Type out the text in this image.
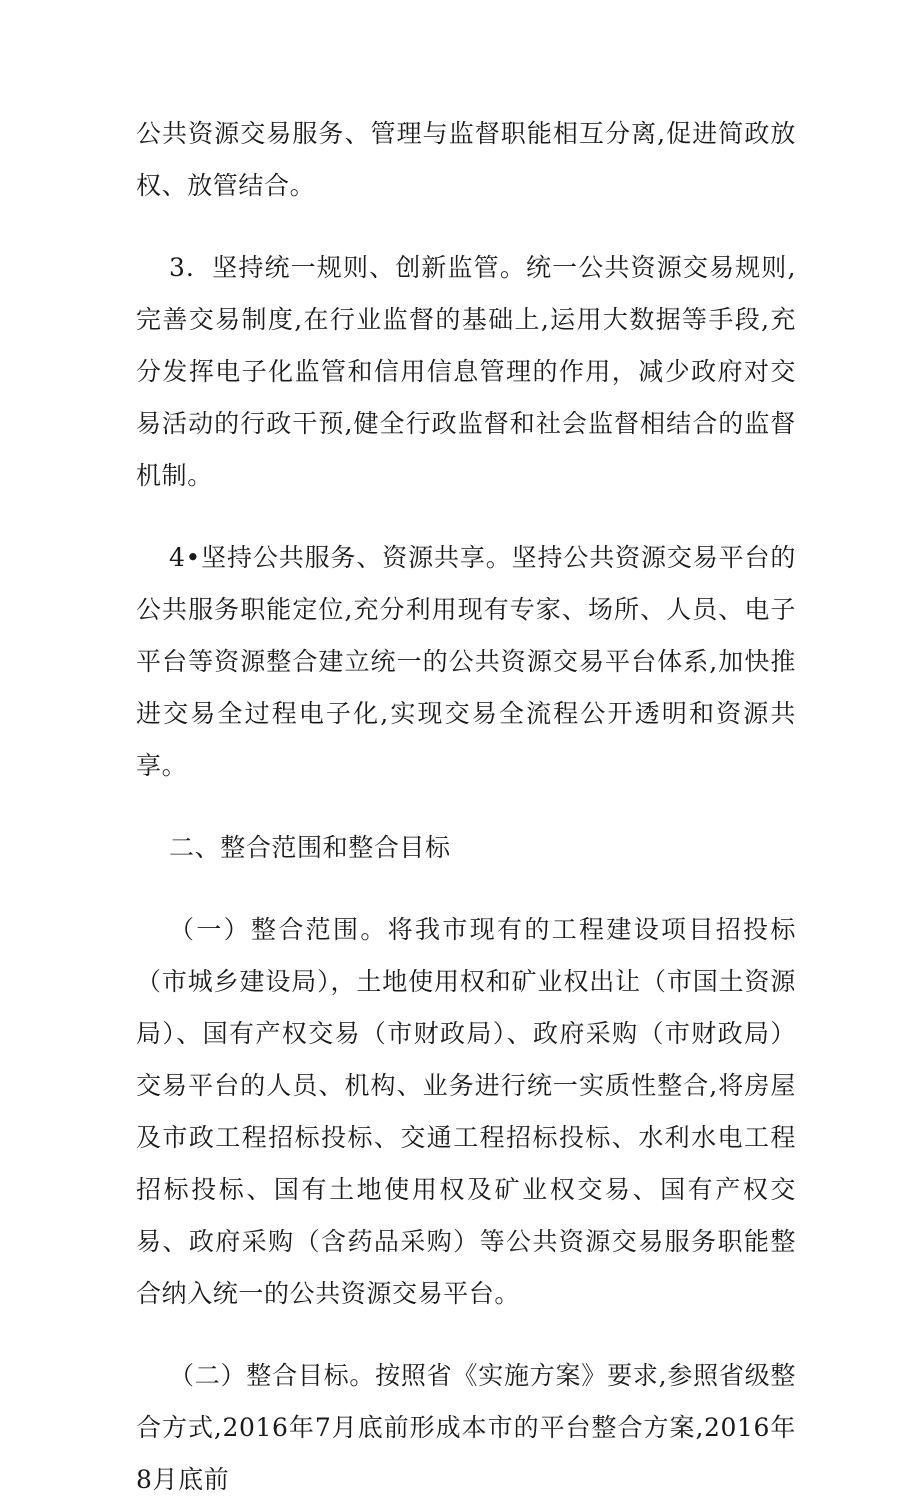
公共资源交易服务、管理与监督职能相互分离,促进简政放权、放管结合。

3．坚持统一规则、创新监管。统一公共资源交易规则,完善交易制度,在行业监督的基础上,运用大数据等手段,充分发挥电子化监管和信用信息管理的作用，减少政府对交易活动的行政干预,健全行政监督和社会监督相结合的监督机制。

4•坚持公共服务、资源共享。坚持公共资源交易平台的公共服务职能定位,充分利用现有专家、场所、人员、电子平台等资源整合建立统一的公共资源交易平台体系,加快推进交易全过程电子化,实现交易全流程公开透明和资源共享。

二、整合范围和整合目标

（一）整合范围。将我市现有的工程建设项目招投标（市城乡建设局），土地使用权和矿业权出让（市国土资源局）、国有产权交易（市财政局）、政府采购（市财政局）交易平台的人员、机构、业务进行统一实质性整合,将房屋及市政工程招标投标、交通工程招标投标、水利水电工程招标投标、国有土地使用权及矿业权交易、国有产权交易、政府采购（含药品采购）等公共资源交易服务职能整合纳入统一的公共资源交易平台。

（二）整合目标。按照省《实施方案》要求,参照省级整合方式,2016年7月底前形成本市的平台整合方案,2016年8月底前
